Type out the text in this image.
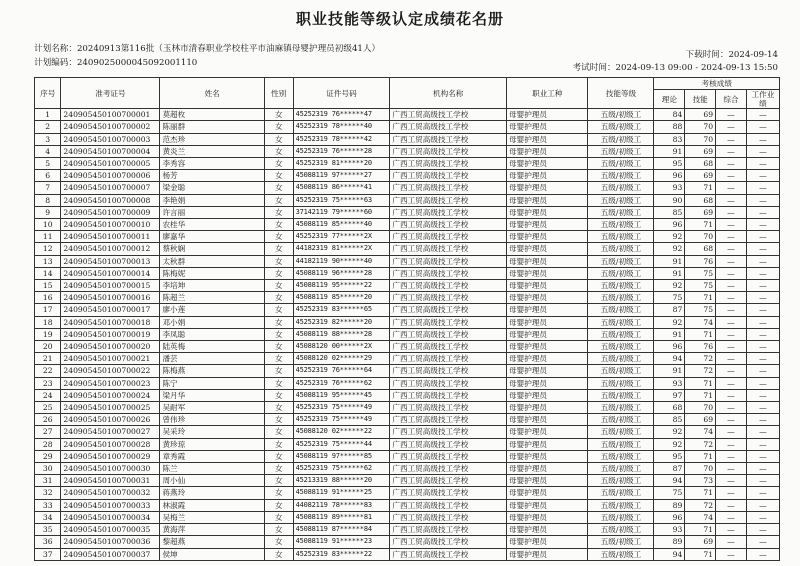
职业技能等级认定成绩花名册
计划名称：20240913第116批（玉林市清春职业学校柱平市油麻镇母婴护理员初级41人）
计划编码：2409025000045092001110
下载时间：2024-09-14
考试时间：2024-09-13 09:00 - 2024-09-13 15:50
序号	准考证号	姓名	性别	证件号码	机构名称	职业工种	技能等级	考核成绩			
								理论	技能	综合	工作业绩
1	240905450100700001	莫超枚	女	45252319 76******47	广西工贸高级技工学校	母婴护理员	五级/初级工	84	69	—	—
2	240905450100700002	陈丽群	女	45252319 78******40	广西工贸高级技工学校	母婴护理员	五级/初级工	88	70	—	—
3	240905450100700003	范杰珍	女	45252319 78******42	广西工贸高级技工学校	母婴护理员	五级/初级工	83	70	—	—
4	240905450100700004	黄炎兰	女	45252319 76******28	广西工贸高级技工学校	母婴护理员	五级/初级工	91	69	—	—
5	240905450100700005	李秀容	女	45252319 81******20	广西工贸高级技工学校	母婴护理员	五级/初级工	95	68	—	—
6	240905450100700006	杨芳	女	45088119 97******27	广西工贸高级技工学校	母婴护理员	五级/初级工	96	69	—	—
7	240905450100700007	梁金聪	女	45088119 86******41	广西工贸高级技工学校	母婴护理员	五级/初级工	93	71	—	—
8	240905450100700008	李艳娟	女	45252319 75******63	广西工贸高级技工学校	母婴护理员	五级/初级工	90	68	—	—
9	240905450100700009	许言丽	女	37142119 79******60	广西工贸高级技工学校	母婴护理员	五级/初级工	85	69	—	—
10	240905450100700010	农桂华	女	45088119 85******40	广西工贸高级技工学校	母婴护理员	五级/初级工	96	71	—	—
11	240905450100700011	廖嘉华	女	45252319 77******2X	广西工贸高级技工学校	母婴护理员	五级/初级工	92	70	—	—
12	240905450100700012	蔡秋娴	女	44182319 81******2X	广西工贸高级技工学校	母婴护理员	五级/初级工	92	68	—	—
13	240905450100700013	太秋群	女	44182119 90******40	广西工贸高级技工学校	母婴护理员	五级/初级工	91	76	—	—
14	240905450100700014	陈梅妮	女	45088119 96******28	广西工贸高级技工学校	母婴护理员	五级/初级工	91	75	—	—
15	240905450100700015	李培坤	女	45088119 95******22	广西工贸高级技工学校	母婴护理员	五级/初级工	92	75	—	—
16	240905450100700016	陈超兰	女	45088119 85******20	广西工贸高级技工学校	母婴护理员	五级/初级工	75	71	—	—
17	240905450100700017	廖小莲	女	45252319 83******65	广西工贸高级技工学校	母婴护理员	五级/初级工	87	75	—	—
18	240905450100700018	邓小娟	女	45252319 82******20	广西工贸高级技工学校	母婴护理员	五级/初级工	92	74	—	—
19	240905450100700019	李凤聪	女	45088119 88******28	广西工贸高级技工学校	母婴护理员	五级/初级工	91	71	—	—
20	240905450100700020	陆英梅	女	45088120 00******2X	广西工贸高级技工学校	母婴护理员	五级/初级工	96	76	—	—
21	240905450100700021	潘芸	女	45088120 02******29	广西工贸高级技工学校	母婴护理员	五级/初级工	94	72	—	—
22	240905450100700022	陈梅燕	女	45252319 76******64	广西工贸高级技工学校	母婴护理员	五级/初级工	91	72	—	—
23	240905450100700023	陈宁	女	45252319 76******62	广西工贸高级技工学校	母婴护理员	五级/初级工	93	71	—	—
24	240905450100700024	梁月华	女	45088119 95******45	广西工贸高级技工学校	母婴护理员	五级/初级工	97	71	—	—
25	240905450100700025	吴耐军	女	45252319 75******49	广西工贸高级技工学校	母婴护理员	五级/初级工	68	70	—	—
26	240905450100700026	曾伟珍	女	45252319 75******49	广西工贸高级技工学校	母婴护理员	五级/初级工	85	69	—	—
27	240905450100700027	吴采玲	女	45088120 02******22	广西工贸高级技工学校	母婴护理员	五级/初级工	92	74	—	—
28	240905450100700028	黄珍琼	女	45252319 75******44	广西工贸高级技工学校	母婴护理员	五级/初级工	92	72	—	—
29	240905450100700029	章秀霞	女	45088119 97******85	广西工贸高级技工学校	母婴护理员	五级/初级工	95	71	—	—
30	240905450100700030	陈兰	女	45252319 75******62	广西工贸高级技工学校	母婴护理员	五级/初级工	87	70	—	—
31	240905450100700031	周小仙	女	45213319 88******20	广西工贸高级技工学校	母婴护理员	五级/初级工	94	73	—	—
32	240905450100700032	蒋燕玲	女	45088119 91******25	广西工贸高级技工学校	母婴护理员	五级/初级工	75	71	—	—
33	240905450100700033	林淑霞	女	44082119 78******83	广西工贸高级技工学校	母婴护理员	五级/初级工	89	72	—	—
34	240905450100700034	吴梅兰	女	45088119 89******81	广西工贸高级技工学校	母婴护理员	五级/初级工	96	74	—	—
35	240905450100700035	黄海萍	女	45088119 87******84	广西工贸高级技工学校	母婴护理员	五级/初级工	93	71	—	—
36	240905450100700036	黎超燕	女	45088119 91******23	广西工贸高级技工学校	母婴护理员	五级/初级工	89	69	—	—
37	240905450100700037	侯坤	女	45252319 83******22	广西工贸高级技工学校	母婴护理员	五级/初级工	94	71	—	—
